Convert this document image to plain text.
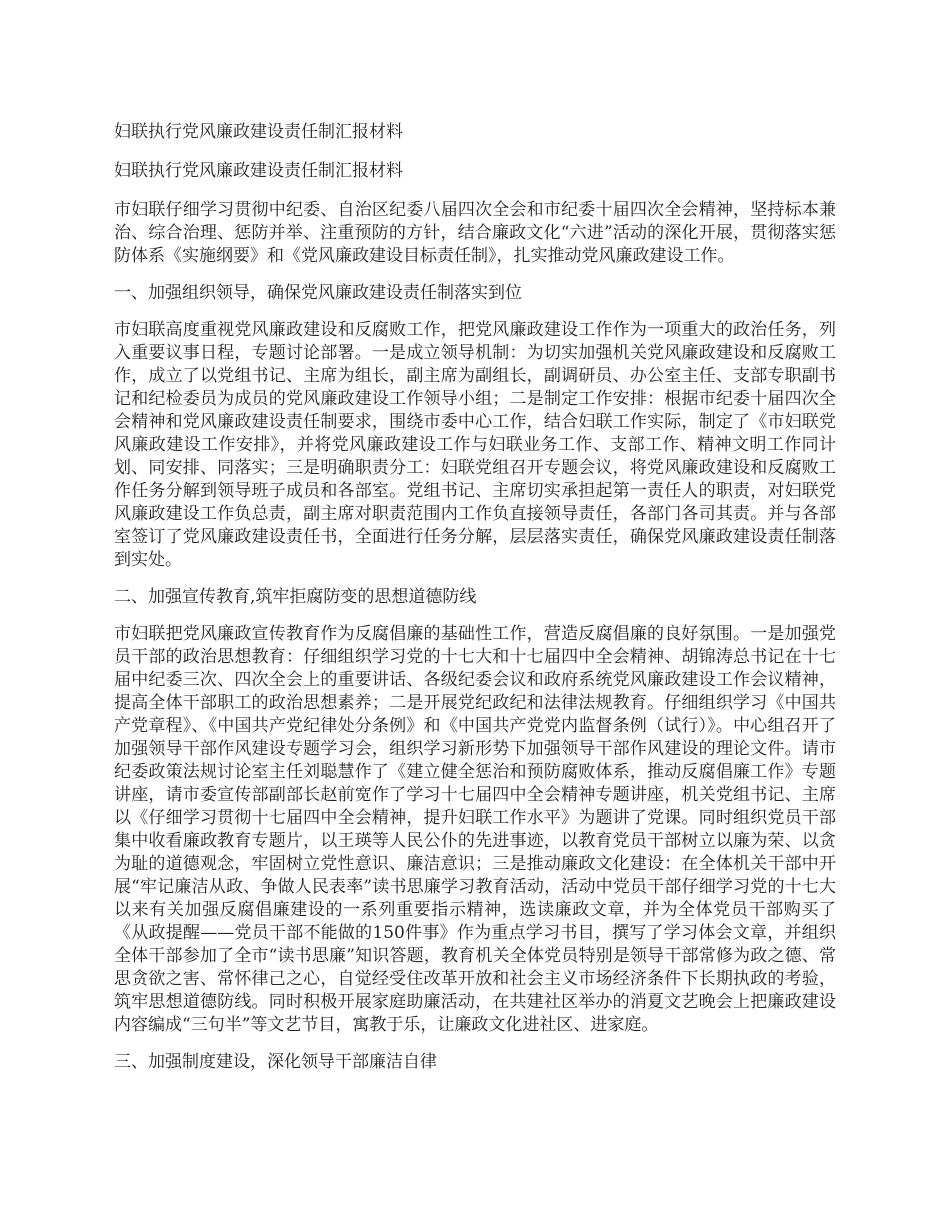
妇联执行党风廉政建设责任制汇报材料

妇联执行党风廉政建设责任制汇报材料

市妇联仔细学习贯彻中纪委、自治区纪委八届四次全会和市纪委十届四次全会精神，坚持标本兼治、综合治理、惩防并举、注重预防的方针，结合廉政文化“六进”活动的深化开展，贯彻落实惩防体系《实施纲要》和《党风廉政建设目标责任制》，扎实推动党风廉政建设工作。

一、加强组织领导，确保党风廉政建设责任制落实到位

市妇联高度重视党风廉政建设和反腐败工作，把党风廉政建设工作作为一项重大的政治任务，列入重要议事日程，专题讨论部署。一是成立领导机制：为切实加强机关党风廉政建设和反腐败工作，成立了以党组书记、主席为组长，副主席为副组长，副调研员、办公室主任、支部专职副书记和纪检委员为成员的党风廉政建设工作领导小组；二是制定工作安排：根据市纪委十届四次全会精神和党风廉政建设责任制要求，围绕市委中心工作，结合妇联工作实际，制定了《市妇联党风廉政建设工作安排》，并将党风廉政建设工作与妇联业务工作、支部工作、精神文明工作同计划、同安排、同落实；三是明确职责分工：妇联党组召开专题会议，将党风廉政建设和反腐败工作任务分解到领导班子成员和各部室。党组书记、主席切实承担起第一责任人的职责，对妇联党风廉政建设工作负总责，副主席对职责范围内工作负直接领导责任，各部门各司其责。并与各部室签订了党风廉政建设责任书，全面进行任务分解，层层落实责任，确保党风廉政建设责任制落到实处。

二、加强宣传教育,筑牢拒腐防变的思想道德防线

市妇联把党风廉政宣传教育作为反腐倡廉的基础性工作，营造反腐倡廉的良好氛围。一是加强党员干部的政治思想教育：仔细组织学习党的十七大和十七届四中全会精神、胡锦涛总书记在十七届中纪委三次、四次全会上的重要讲话、各级纪委会议和政府系统党风廉政建设工作会议精神，提高全体干部职工的政治思想素养；二是开展党纪政纪和法律法规教育。仔细组织学习《中国共产党章程》、《中国共产党纪律处分条例》和《中国共产党党内监督条例（试行）》。中心组召开了加强领导干部作风建设专题学习会，组织学习新形势下加强领导干部作风建设的理论文件。请市纪委政策法规讨论室主任刘聪慧作了《建立健全惩治和预防腐败体系，推动反腐倡廉工作》专题讲座，请市委宣传部副部长赵前宽作了学习十七届四中全会精神专题讲座，机关党组书记、主席以《仔细学习贯彻十七届四中全会精神，提升妇联工作水平》为题讲了党课。同时组织党员干部集中收看廉政教育专题片，以王瑛等人民公仆的先进事迹，以教育党员干部树立以廉为荣、以贪为耻的道德观念，牢固树立党性意识、廉洁意识；三是推动廉政文化建设：在全体机关干部中开展“牢记廉洁从政、争做人民表率”读书思廉学习教育活动，活动中党员干部仔细学习党的十七大以来有关加强反腐倡廉建设的一系列重要指示精神，选读廉政文章，并为全体党员干部购买了《从政提醒——党员干部不能做的150件事》作为重点学习书目，撰写了学习体会文章，并组织全体干部参加了全市“读书思廉”知识答题，教育机关全体党员特别是领导干部常修为政之德、常思贪欲之害、常怀律己之心，自觉经受住改革开放和社会主义市场经济条件下长期执政的考验，筑牢思想道德防线。同时积极开展家庭助廉活动，在共建社区举办的消夏文艺晚会上把廉政建设内容编成“三句半”等文艺节目，寓教于乐，让廉政文化进社区、进家庭。

三、加强制度建设，深化领导干部廉洁自律
